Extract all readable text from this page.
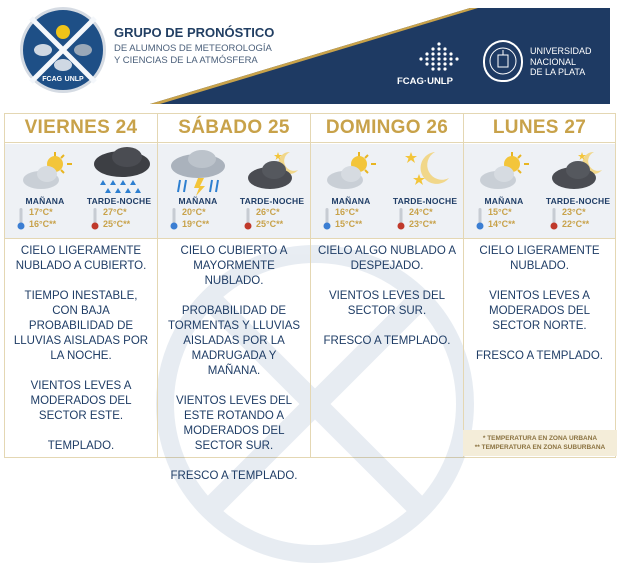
FCAG UNLP
GRUPO DE PRONÓSTICO
DE ALUMNOS DE METEOROLOGÍA
Y CIENCIAS DE LA ATMÓSFERA
FCAG·UNLP
UNIVERSIDAD
NACIONAL
DE LA PLATA
VIERNES 24
MAÑANA
17°C*
16°C**
TARDE-NOCHE
27°C*
25°C**

CIELO LIGERAMENTE NUBLADO A CUBIERTO.

TIEMPO INESTABLE, CON BAJA PROBABILIDAD DE LLUVIAS AISLADAS POR LA NOCHE.

VIENTOS LEVES A MODERADOS DEL SECTOR ESTE.

TEMPLADO.

SÁBADO 25
MAÑANA
20°C*
19°C**
TARDE-NOCHE
26°C*
25°C**

CIELO CUBIERTO A MAYORMENTE NUBLADO.

PROBABILIDAD DE TORMENTAS Y LLUVIAS AISLADAS POR LA MADRUGADA Y MAÑANA.

VIENTOS LEVES DEL ESTE ROTANDO A MODERADOS DEL SECTOR SUR.

FRESCO A TEMPLADO.

DOMINGO 26
MAÑANA
16°C*
15°C**
TARDE-NOCHE
24°C*
23°C**

CIELO ALGO NUBLADO A DESPEJADO.

VIENTOS LEVES DEL SECTOR SUR.

FRESCO A TEMPLADO.

LUNES 27
MAÑANA
15°C*
14°C**
TARDE-NOCHE
23°C*
22°C**

CIELO LIGERAMENTE NUBLADO.

VIENTOS LEVES A MODERADOS DEL SECTOR NORTE.

FRESCO A TEMPLADO.

* TEMPERATURA EN ZONA URBANA
** TEMPERATURA EN ZONA SUBURBANA
